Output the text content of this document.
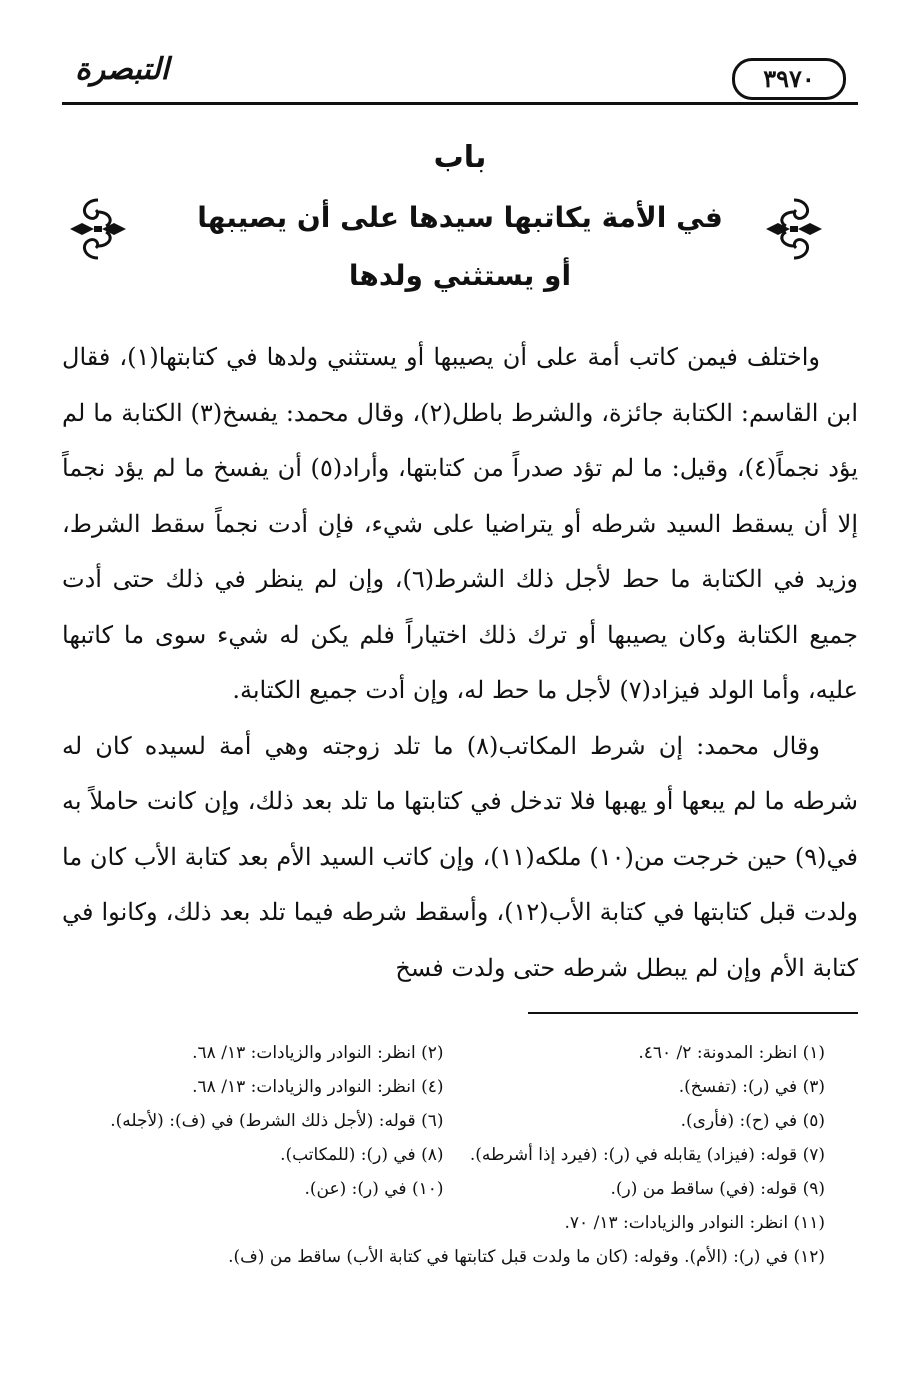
٣٩٧٠
التبصرة
باب
في الأمة يكاتبها سيدها على أن يصيبها
أو يستثني ولدها

واختلف فيمن كاتب أمة على أن يصيبها أو يستثني ولدها في كتابتها(١)، فقال ابن القاسم: الكتابة جائزة، والشرط باطل(٢)، وقال محمد: يفسخ(٣) الكتابة ما لم يؤد نجماً(٤)، وقيل: ما لم تؤد صدراً من كتابتها، وأراد(٥) أن يفسخ ما لم يؤد نجماً إلا أن يسقط السيد شرطه أو يتراضيا على شيء، فإن أدت نجماً سقط الشرط، وزيد في الكتابة ما حط لأجل ذلك الشرط(٦)، وإن لم ينظر في ذلك حتى أدت جميع الكتابة وكان يصيبها أو ترك ذلك اختياراً فلم يكن له شيء سوى ما كاتبها عليه، وأما الولد فيزاد(٧) لأجل ما حط له، وإن أدت جميع الكتابة.

وقال محمد: إن شرط المكاتب(٨) ما تلد زوجته وهي أمة لسيده كان له شرطه ما لم يبعها أو يهبها فلا تدخل في كتابتها ما تلد بعد ذلك، وإن كانت حاملاً به في(٩) حين خرجت من(١٠) ملكه(١١)، وإن كاتب السيد الأم بعد كتابة الأب كان ما ولدت قبل كتابتها في كتابة الأب(١٢)، وأسقط شرطه فيما تلد بعد ذلك، وكانوا في كتابة الأم وإن لم يبطل شرطه حتى ولدت فسخ

(١) انظر: المدونة: ٢/ ٤٦٠.
(٢) انظر: النوادر والزيادات: ١٣/ ٦٨.
(٣) في (ر): (تفسخ).
(٤) انظر: النوادر والزيادات: ١٣/ ٦٨.
(٥) في (ح): (فأرى).
(٦) قوله: (لأجل ذلك الشرط) في (ف): (لأجله).
(٧) قوله: (فيزاد) يقابله في (ر): (فيرد إذا أشرطه).
(٨) في (ر): (للمكاتب).
(٩) قوله: (في) ساقط من (ر).
(١٠) في (ر): (عن).
(١١) انظر: النوادر والزيادات: ١٣/ ٧٠.
(١٢) في (ر): (الأم). وقوله: (كان ما ولدت قبل كتابتها في كتابة الأب) ساقط من (ف).
